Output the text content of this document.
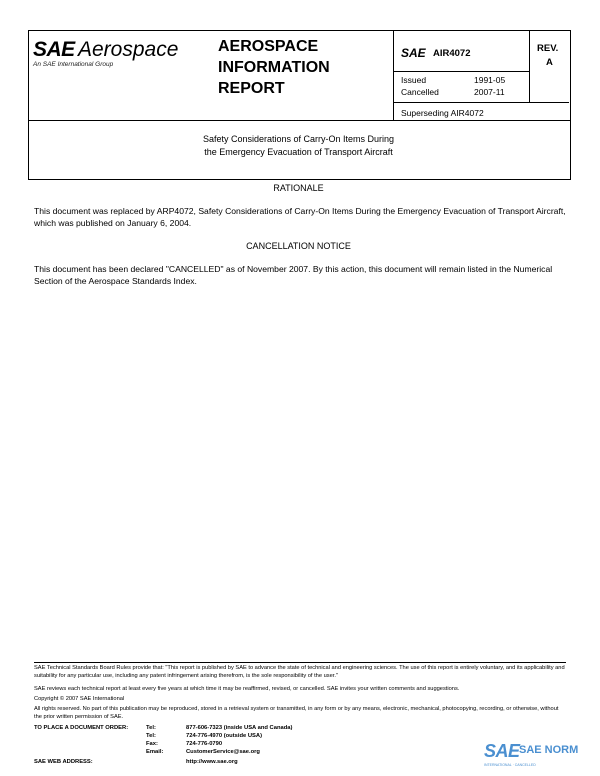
SAE Aerospace
An SAE International Group
AEROSPACE
INFORMATION
REPORT
SAE AIR4072	REV.
A
Issued	1991-05
Cancelled	2007-11
Superseding AIR4072
Safety Considerations of Carry-On Items During
the Emergency Evacuation of Transport Aircraft
RATIONALE
This document was replaced by ARP4072, Safety Considerations of Carry-On Items During the Emergency Evacuation of Transport Aircraft, which was published on January 6, 2004.
CANCELLATION NOTICE
This document has been declared "CANCELLED" as of November 2007. By this action, this document will remain listed in the Numerical Section of the Aerospace Standards Index.
SAE Technical Standards Board Rules provide that: "This report is published by SAE to advance the state of technical and engineering sciences. The use of this report is entirely voluntary, and its applicability and suitability for any particular use, including any patent infringement arising therefrom, is the sole responsibility of the user."
SAE reviews each technical report at least every five years at which time it may be reaffirmed, revised, or cancelled. SAE invites your written comments and suggestions.
Copyright © 2007 SAE International
All rights reserved. No part of this publication may be reproduced, stored in a retrieval system or transmitted, in any form or by any means, electronic, mechanical, photocopying, recording, or otherwise, without the prior written permission of SAE.
TO PLACE A DOCUMENT ORDER:
SAE WEB ADDRESS:
Tel:	877-606-7323 (inside USA and Canada)
Tel:	724-776-4970 (outside USA)
Fax:	724-776-0790
Email:	CustomerService@sae.org
http://www.sae.org
SAE SAE NORM
INTERNATIONAL · CANCELLED
